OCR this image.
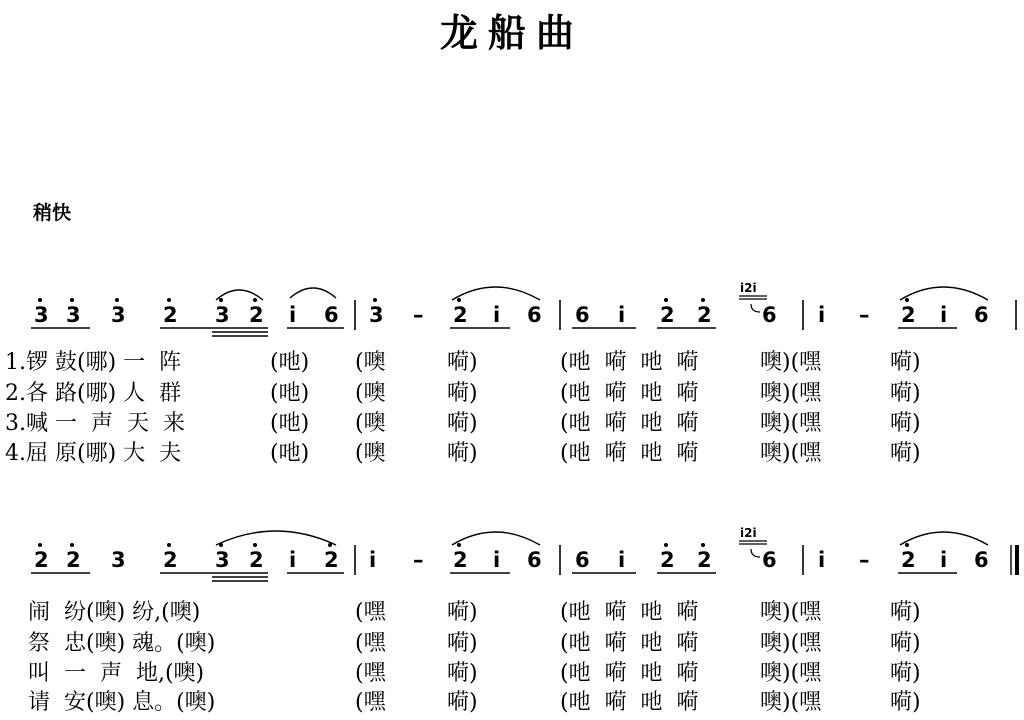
龙船曲
稍快
3 3 3 2 3 2 i 6 3 – 2 i 6 6 i 2 2 6
i2i
i – 2 i 6
1.锣 鼓(哪) 一  阵	(吔) (噢	嗬)	(吔  嗬  吔  嗬	噢)(嘿	嗬)
2.各 路(哪) 人  群	(吔) (噢	嗬)	(吔  嗬  吔  嗬	噢)(嘿	嗬)
3.喊 一  声  天  来	(吔) (噢	嗬)	(吔  嗬  吔  嗬	噢)(嘿	嗬)
4.屈 原(哪) 大  夫	(吔) (噢	嗬)	(吔  嗬  吔  嗬	噢)(嘿	嗬)
2 2 3 2 3 2 i 2 i – 2 i 6 6 i 2 2 6
i2i
i – 2 i 6
闹  纷(噢) 纷,(噢)	(嘿	嗬)	(吔  嗬  吔  嗬	噢)(嘿	嗬)
祭  忠(噢) 魂。(噢)	(嘿	嗬)	(吔  嗬  吔  嗬	噢)(嘿	嗬)
叫  一  声  地,(噢)	(嘿	嗬)	(吔  嗬  吔  嗬	噢)(嘿	嗬)
请  安(噢) 息。(噢)	(嘿	嗬)	(吔  嗬  吔  嗬	噢)(嘿	嗬)
